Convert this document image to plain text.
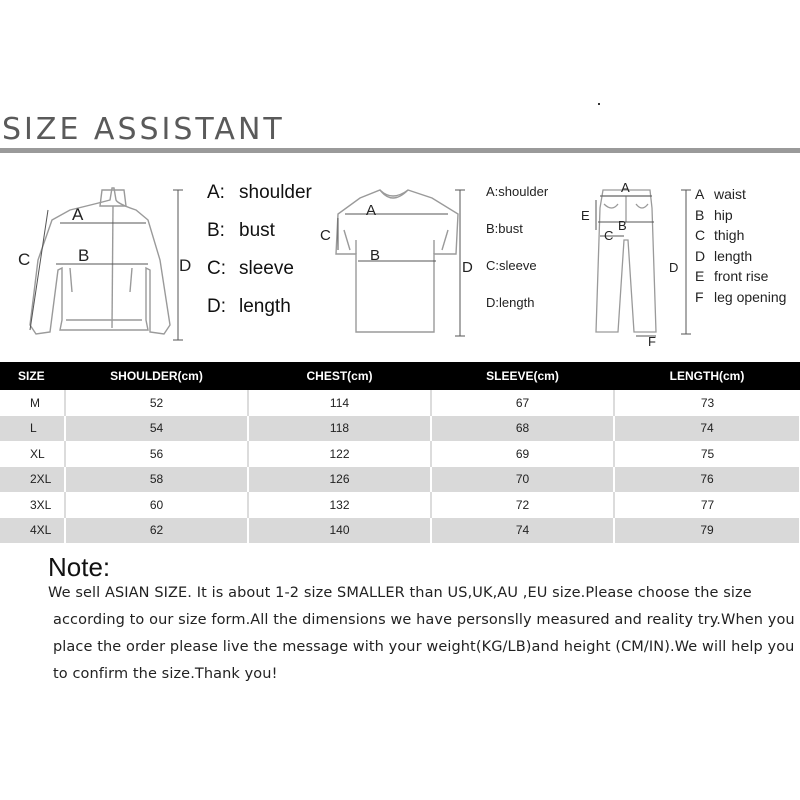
SIZE ASSISTANT
A
B
C	D
A
B
C
D
A
B
C
D
E
F
A: shoulder
B: bust
C: sleeve
D: length
A:shoulder
B:bust
C:sleeve
D:length
A waist
B hip
C thigh
D length
E front rise
F leg opening
SIZE	SHOULDER(cm)	CHEST(cm)	SLEEVE(cm)	LENGTH(cm)
M	52	114	67	73
L	54	118	68	74
XL	56	122	69	75
2XL	58	126	70	76
3XL	60	132	72	77
4XL	62	140	74	79
Note:
We sell ASIAN SIZE. It is about 1-2 size SMALLER than US,UK,AU ,EU size.Please choose the size
according to our size form.All the dimensions we have personslly measured and reality try.When you
place the order please live the message with your weight(KG/LB)and height (CM/IN).We will help you
to confirm the size.Thank you!
